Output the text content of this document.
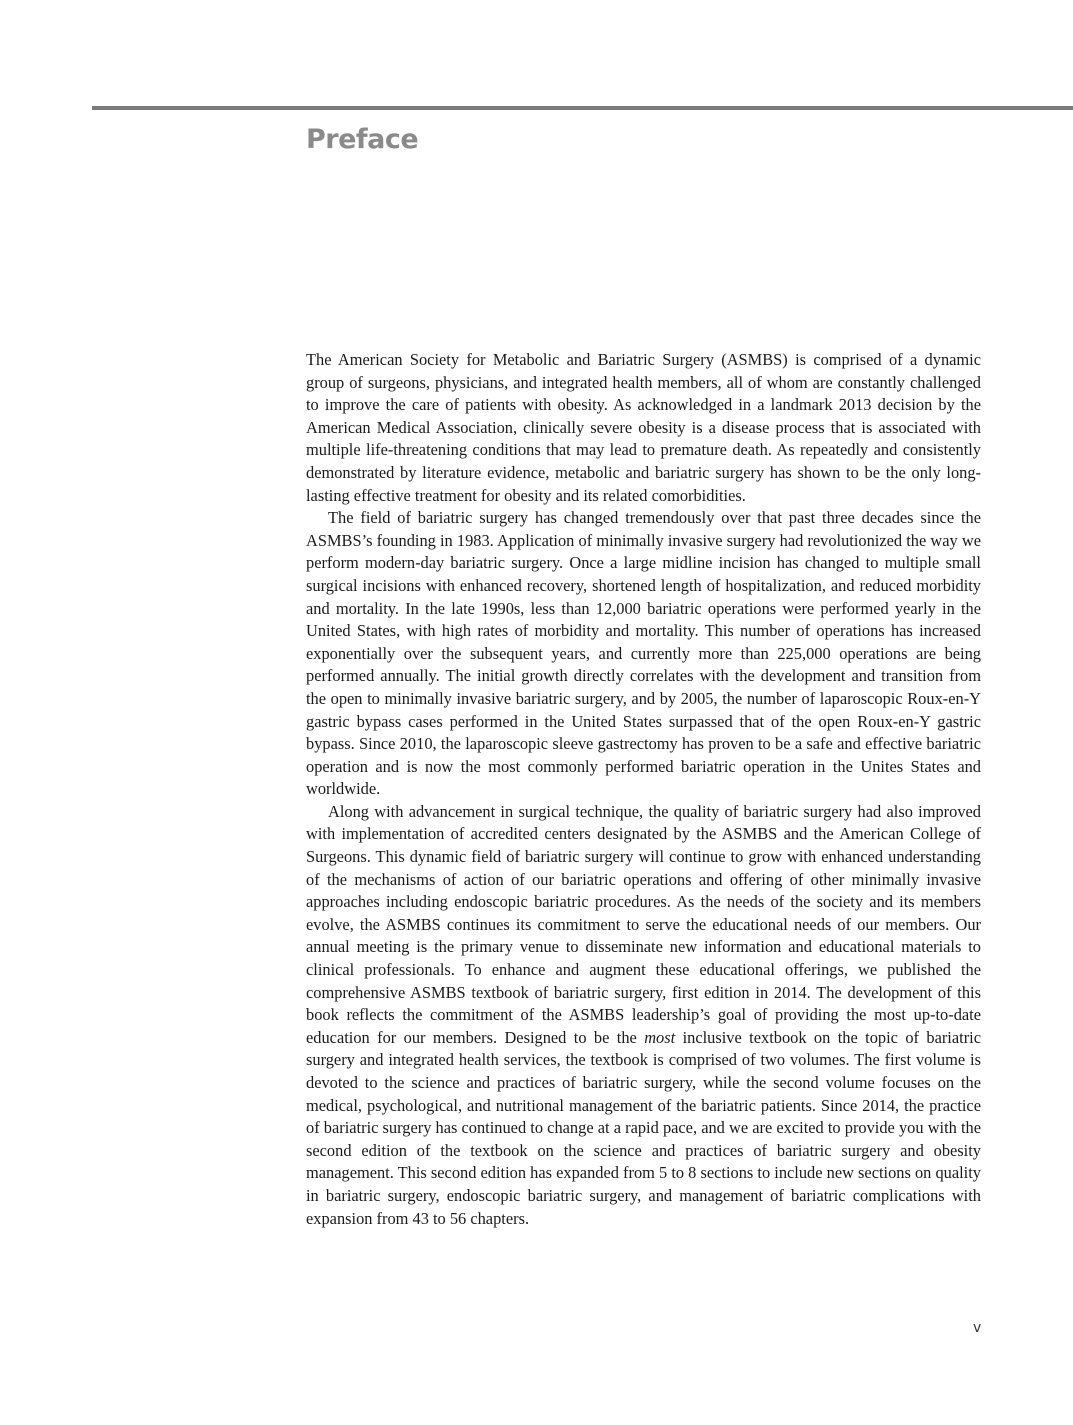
Preface

The American Society for Metabolic and Bariatric Surgery (ASMBS) is comprised of a dynamic group of surgeons, physicians, and integrated health members, all of whom are constantly challenged to improve the care of patients with obesity. As acknowledged in a landmark 2013 decision by the American Medical Association, clinically severe obesity is a disease process that is associated with multiple life-threatening conditions that may lead to premature death. As repeatedly and consistently demonstrated by literature evidence, metabolic and bariatric surgery has shown to be the only long-lasting effective treatment for obesity and its related comorbidities.

The field of bariatric surgery has changed tremendously over that past three decades since the ASMBS’s founding in 1983. Application of minimally invasive surgery had revolutionized the way we perform modern-day bariatric surgery. Once a large midline incision has changed to multiple small surgical incisions with enhanced recovery, shortened length of hospitalization, and reduced morbidity and mortality. In the late 1990s, less than 12,000 bariatric operations were performed yearly in the United States, with high rates of morbidity and mortality. This number of operations has increased exponentially over the subsequent years, and currently more than 225,000 operations are being performed annually. The initial growth directly correlates with the development and transition from the open to minimally invasive bariatric surgery, and by 2005, the number of laparoscopic Roux-en-Y gastric bypass cases performed in the United States surpassed that of the open Roux-en-Y gastric bypass. Since 2010, the laparoscopic sleeve gastrectomy has proven to be a safe and effective bariatric operation and is now the most commonly performed bariatric operation in the Unites States and worldwide.

Along with advancement in surgical technique, the quality of bariatric surgery had also improved with implementation of accredited centers designated by the ASMBS and the American College of Surgeons. This dynamic field of bariatric surgery will continue to grow with enhanced understanding of the mechanisms of action of our bariatric operations and offering of other minimally invasive approaches including endoscopic bariatric procedures. As the needs of the society and its members evolve, the ASMBS continues its commitment to serve the educational needs of our members. Our annual meeting is the primary venue to disseminate new information and educational materials to clinical professionals. To enhance and augment these educational offerings, we published the comprehensive ASMBS textbook of bariatric surgery, first edition in 2014. The development of this book reflects the commitment of the ASMBS leadership’s goal of providing the most up-to-date education for our members. Designed to be the most inclusive textbook on the topic of bariatric surgery and integrated health services, the textbook is comprised of two volumes. The first volume is devoted to the science and practices of bariatric surgery, while the second volume focuses on the medical, psychological, and nutritional management of the bariatric patients. Since 2014, the practice of bariatric surgery has continued to change at a rapid pace, and we are excited to provide you with the second edition of the textbook on the science and practices of bariatric surgery and obesity management. This second edition has expanded from 5 to 8 sections to include new sections on quality in bariatric surgery, endoscopic bariatric surgery, and management of bariatric complications with expansion from 43 to 56 chapters.

v
